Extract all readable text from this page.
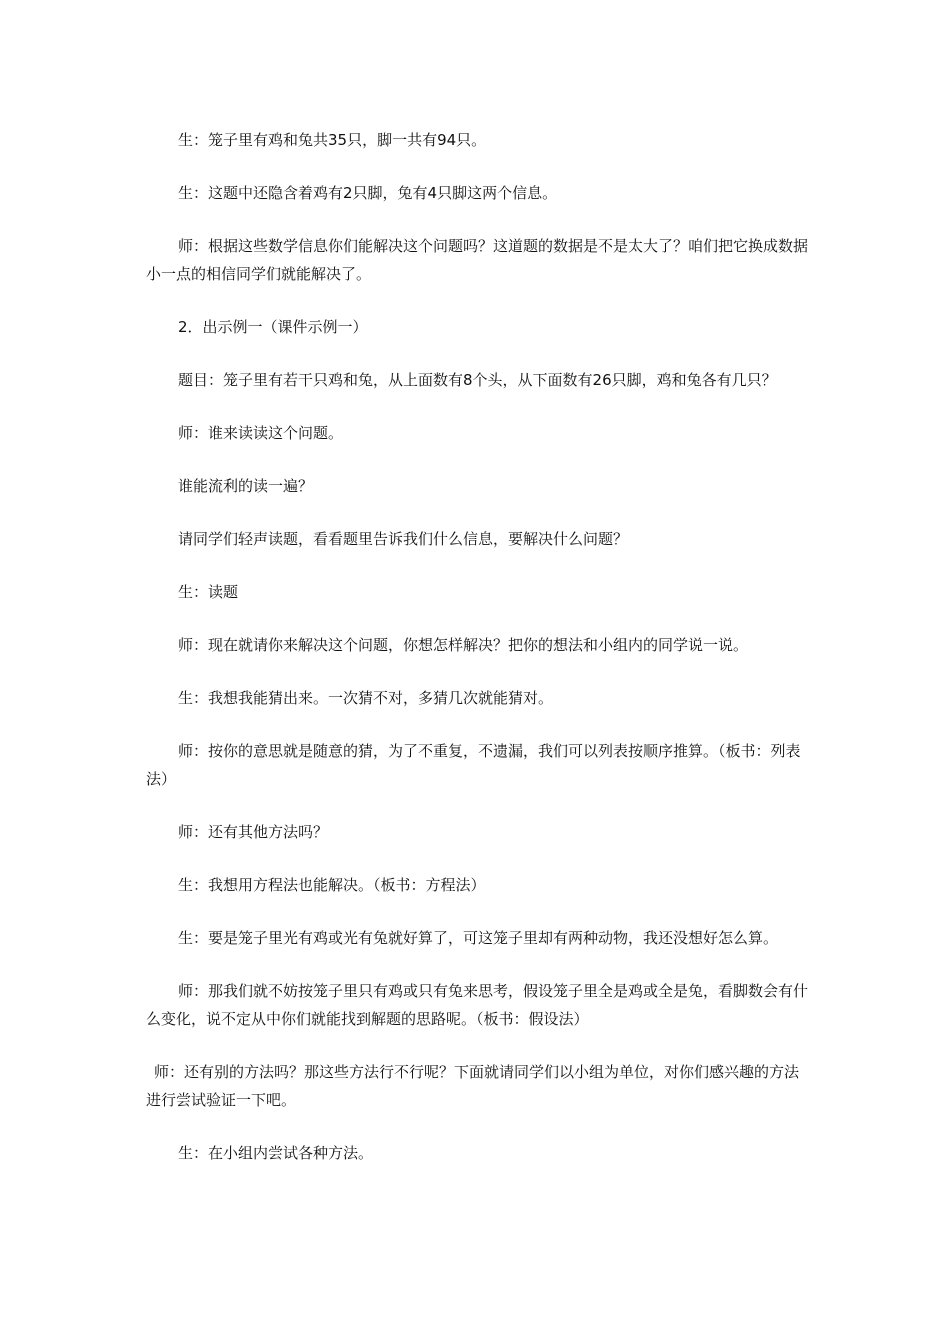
生：笼子里有鸡和兔共35只，脚一共有94只。

生：这题中还隐含着鸡有2只脚，兔有4只脚这两个信息。

师：根据这些数学信息你们能解决这个问题吗？这道题的数据是不是太大了？咱们把它换成数据小一点的相信同学们就能解决了。

2．出示例一（课件示例一）

题目：笼子里有若干只鸡和兔，从上面数有8个头，从下面数有26只脚，鸡和兔各有几只？

师：谁来读读这个问题。

谁能流利的读一遍？

请同学们轻声读题，看看题里告诉我们什么信息，要解决什么问题？

生：读题

师：现在就请你来解决这个问题，你想怎样解决？把你的想法和小组内的同学说一说。

生：我想我能猜出来。一次猜不对，多猜几次就能猜对。

师：按你的意思就是随意的猜，为了不重复，不遗漏，我们可以列表按顺序推算。（板书：列表法）

师：还有其他方法吗？

生：我想用方程法也能解决。（板书：方程法）

生：要是笼子里光有鸡或光有兔就好算了，可这笼子里却有两种动物，我还没想好怎么算。

师：那我们就不妨按笼子里只有鸡或只有兔来思考，假设笼子里全是鸡或全是兔，看脚数会有什么变化，说不定从中你们就能找到解题的思路呢。（板书：假设法）

师：还有别的方法吗？那这些方法行不行呢？下面就请同学们以小组为单位，对你们感兴趣的方法进行尝试验证一下吧。

生：在小组内尝试各种方法。
